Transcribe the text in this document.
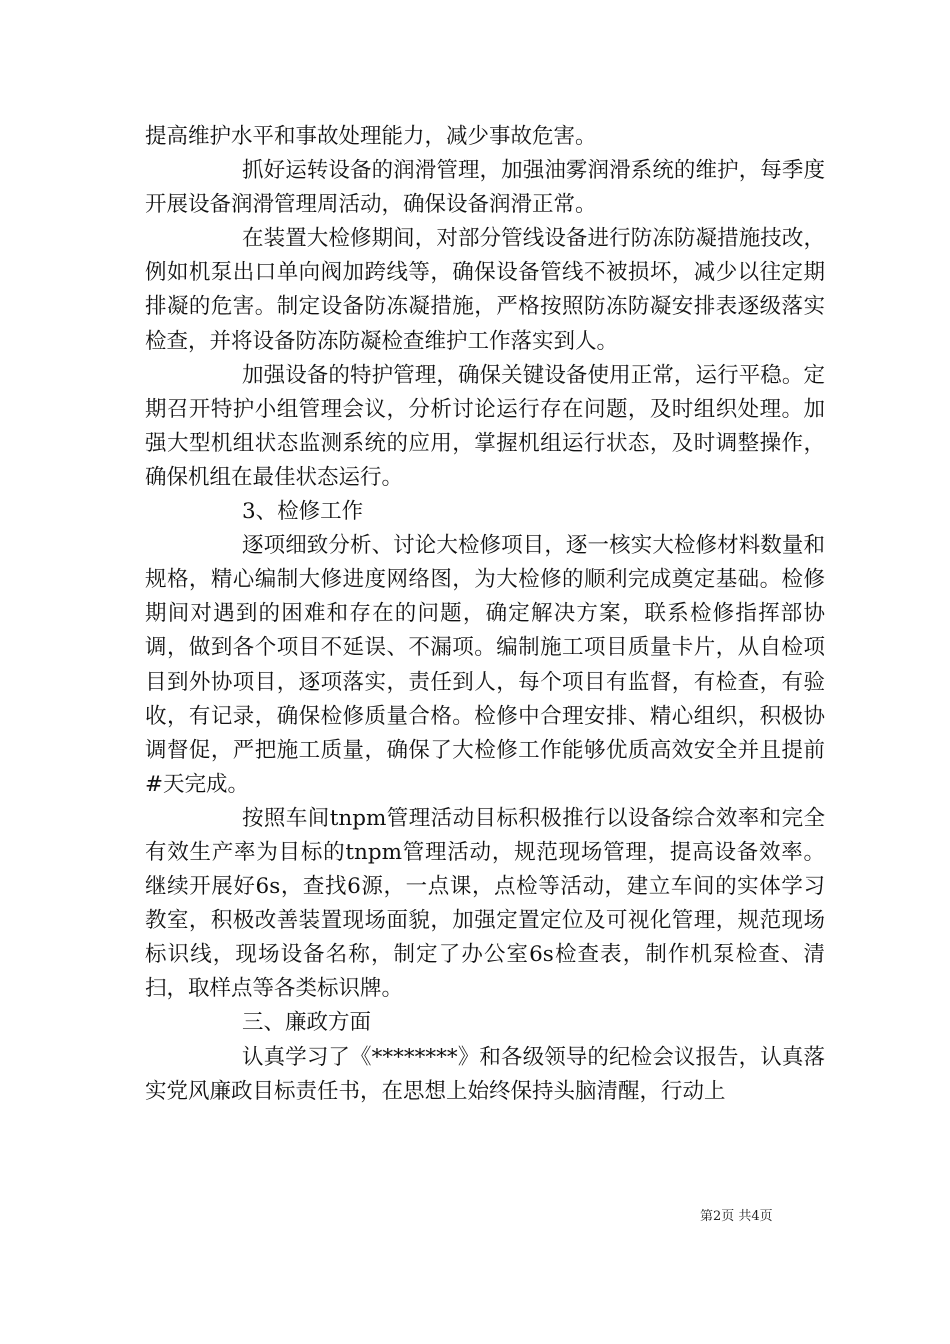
提高维护水平和事故处理能力，减少事故危害。

抓好运转设备的润滑管理，加强油雾润滑系统的维护，每季度开展设备润滑管理周活动，确保设备润滑正常。

在装置大检修期间，对部分管线设备进行防冻防凝措施技改，例如机泵出口单向阀加跨线等，确保设备管线不被损坏，减少以往定期排凝的危害。制定设备防冻凝措施，严格按照防冻防凝安排表逐级落实检查，并将设备防冻防凝检查维护工作落实到人。

加强设备的特护管理，确保关键设备使用正常，运行平稳。定期召开特护小组管理会议，分析讨论运行存在问题，及时组织处理。加强大型机组状态监测系统的应用，掌握机组运行状态，及时调整操作，确保机组在最佳状态运行。

3、检修工作

逐项细致分析、讨论大检修项目，逐一核实大检修材料数量和规格，精心编制大修进度网络图，为大检修的顺利完成奠定基础。检修期间对遇到的困难和存在的问题，确定解决方案，联系检修指挥部协调，做到各个项目不延误、不漏项。编制施工项目质量卡片，从自检项目到外协项目，逐项落实，责任到人，每个项目有监督，有检查，有验收，有记录，确保检修质量合格。检修中合理安排、精心组织，积极协调督促，严把施工质量，确保了大检修工作能够优质高效安全并且提前#天完成。

按照车间tnpm管理活动目标积极推行以设备综合效率和完全有效生产率为目标的tnpm管理活动，规范现场管理，提高设备效率。继续开展好6s，查找6源，一点课，点检等活动，建立车间的实体学习教室，积极改善装置现场面貌，加强定置定位及可视化管理，规范现场标识线，现场设备名称，制定了办公室6s检查表，制作机泵检查、清扫，取样点等各类标识牌。

三、廉政方面

认真学习了《********》和各级领导的纪检会议报告，认真落实党风廉政目标责任书，在思想上始终保持头脑清醒，行动上

第2页 共4页
